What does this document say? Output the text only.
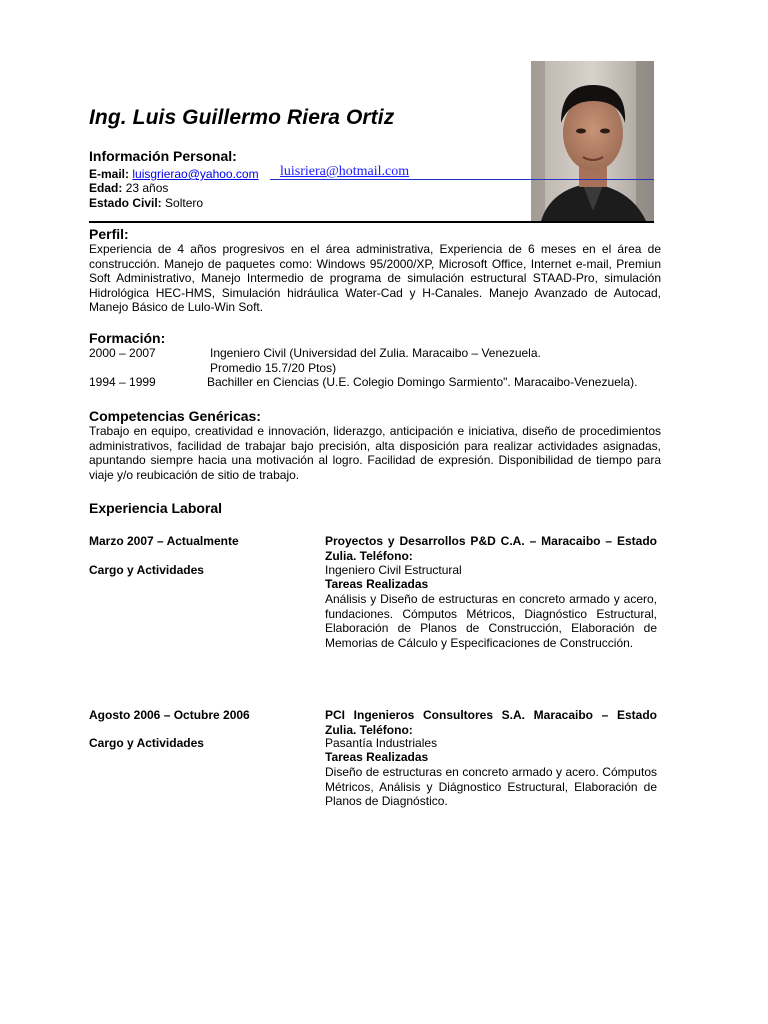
Ing. Luis Guillermo Riera Ortiz
Información Personal:
E-mail: luisgrierao@yahoo.com luisriera@hotmail.com
Edad: 23 años
Estado Civil: Soltero
Perfil:
Experiencia de 4 años progresivos en el área administrativa, Experiencia de 6 meses en el área de construcción. Manejo de paquetes como: Windows 95/2000/XP, Microsoft Office, Internet e-mail, Premiun Soft Administrativo, Manejo Intermedio de programa de simulación estructural STAAD-Pro, simulación Hidrológica HEC-HMS, Simulación hidráulica Water-Cad y H-Canales. Manejo Avanzado de Autocad, Manejo Básico de Lulo-Win Soft.
Formación:
2000 – 2007	Ingeniero Civil (Universidad del Zulia. Maracaibo – Venezuela.
Promedio 15.7/20 Ptos)
1994 – 1999	Bachiller en Ciencias (U.E. Colegio Domingo Sarmiento". Maracaibo-Venezuela).
Competencias Genéricas:
Trabajo en equipo, creatividad e innovación, liderazgo, anticipación e iniciativa, diseño de procedimientos administrativos, facilidad de trabajar bajo precisión, alta disposición para realizar actividades asignadas, apuntando siempre hacia una motivación al logro. Facilidad de expresión. Disponibilidad de tiempo para viaje y/o reubicación de sitio de trabajo.
Experiencia Laboral
Marzo 2007 – Actualmente
Cargo y Actividades
Proyectos y Desarrollos P&D C.A. – Maracaibo – Estado Zulia. Teléfono:
Ingeniero Civil Estructural
Tareas Realizadas
Análisis y Diseño de estructuras en concreto armado y acero, fundaciones. Cómputos Métricos, Diagnóstico Estructural, Elaboración de Planos de Construcción, Elaboración de Memorias de Cálculo y Especificaciones de Construcción.
Agosto 2006 – Octubre 2006
Cargo y Actividades
PCI Ingenieros Consultores S.A. Maracaibo – Estado Zulia. Teléfono:
Pasantía Industriales
Tareas Realizadas
Diseño de estructuras en concreto armado y acero. Cómputos Métricos, Análisis y Diágnostico Estructural, Elaboración de Planos de Diagnóstico.
